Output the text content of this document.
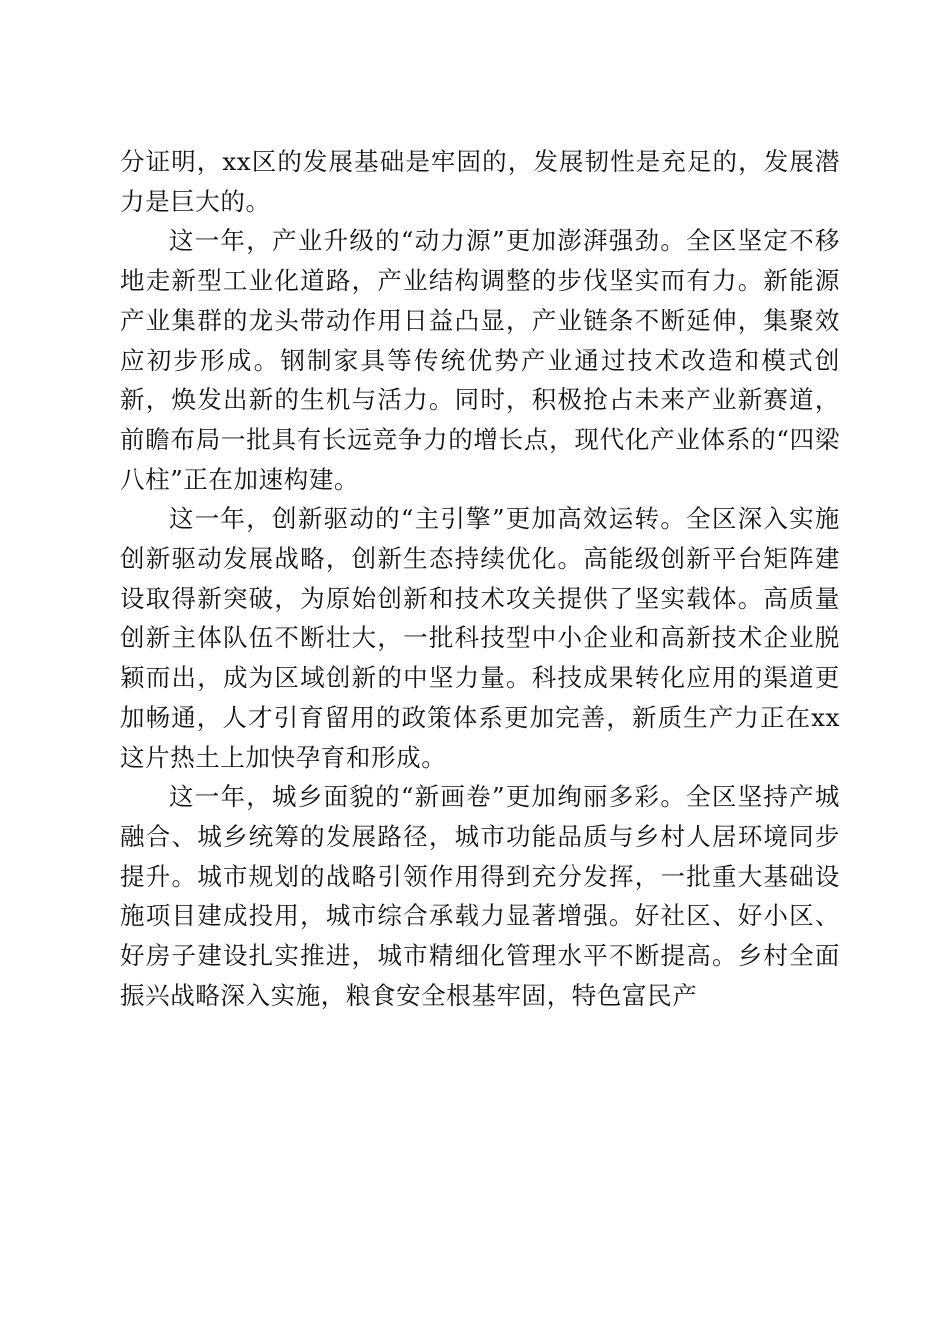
分证明，xx区的发展基础是牢固的，发展韧性是充足的，发展潜力是巨大的。

这一年，产业升级的“动力源”更加澎湃强劲。全区坚定不移地走新型工业化道路，产业结构调整的步伐坚实而有力。新能源产业集群的龙头带动作用日益凸显，产业链条不断延伸，集聚效应初步形成。钢制家具等传统优势产业通过技术改造和模式创新，焕发出新的生机与活力。同时，积极抢占未来产业新赛道，前瞻布局一批具有长远竞争力的增长点，现代化产业体系的“四梁八柱”正在加速构建。

这一年，创新驱动的“主引擎”更加高效运转。全区深入实施创新驱动发展战略，创新生态持续优化。高能级创新平台矩阵建设取得新突破，为原始创新和技术攻关提供了坚实载体。高质量创新主体队伍不断壮大，一批科技型中小企业和高新技术企业脱颖而出，成为区域创新的中坚力量。科技成果转化应用的渠道更加畅通，人才引育留用的政策体系更加完善，新质生产力正在xx这片热土上加快孕育和形成。

这一年，城乡面貌的“新画卷”更加绚丽多彩。全区坚持产城融合、城乡统筹的发展路径，城市功能品质与乡村人居环境同步提升。城市规划的战略引领作用得到充分发挥，一批重大基础设施项目建成投用，城市综合承载力显著增强。好社区、好小区、好房子建设扎实推进，城市精细化管理水平不断提高。乡村全面振兴战略深入实施，粮食安全根基牢固，特色富民产
